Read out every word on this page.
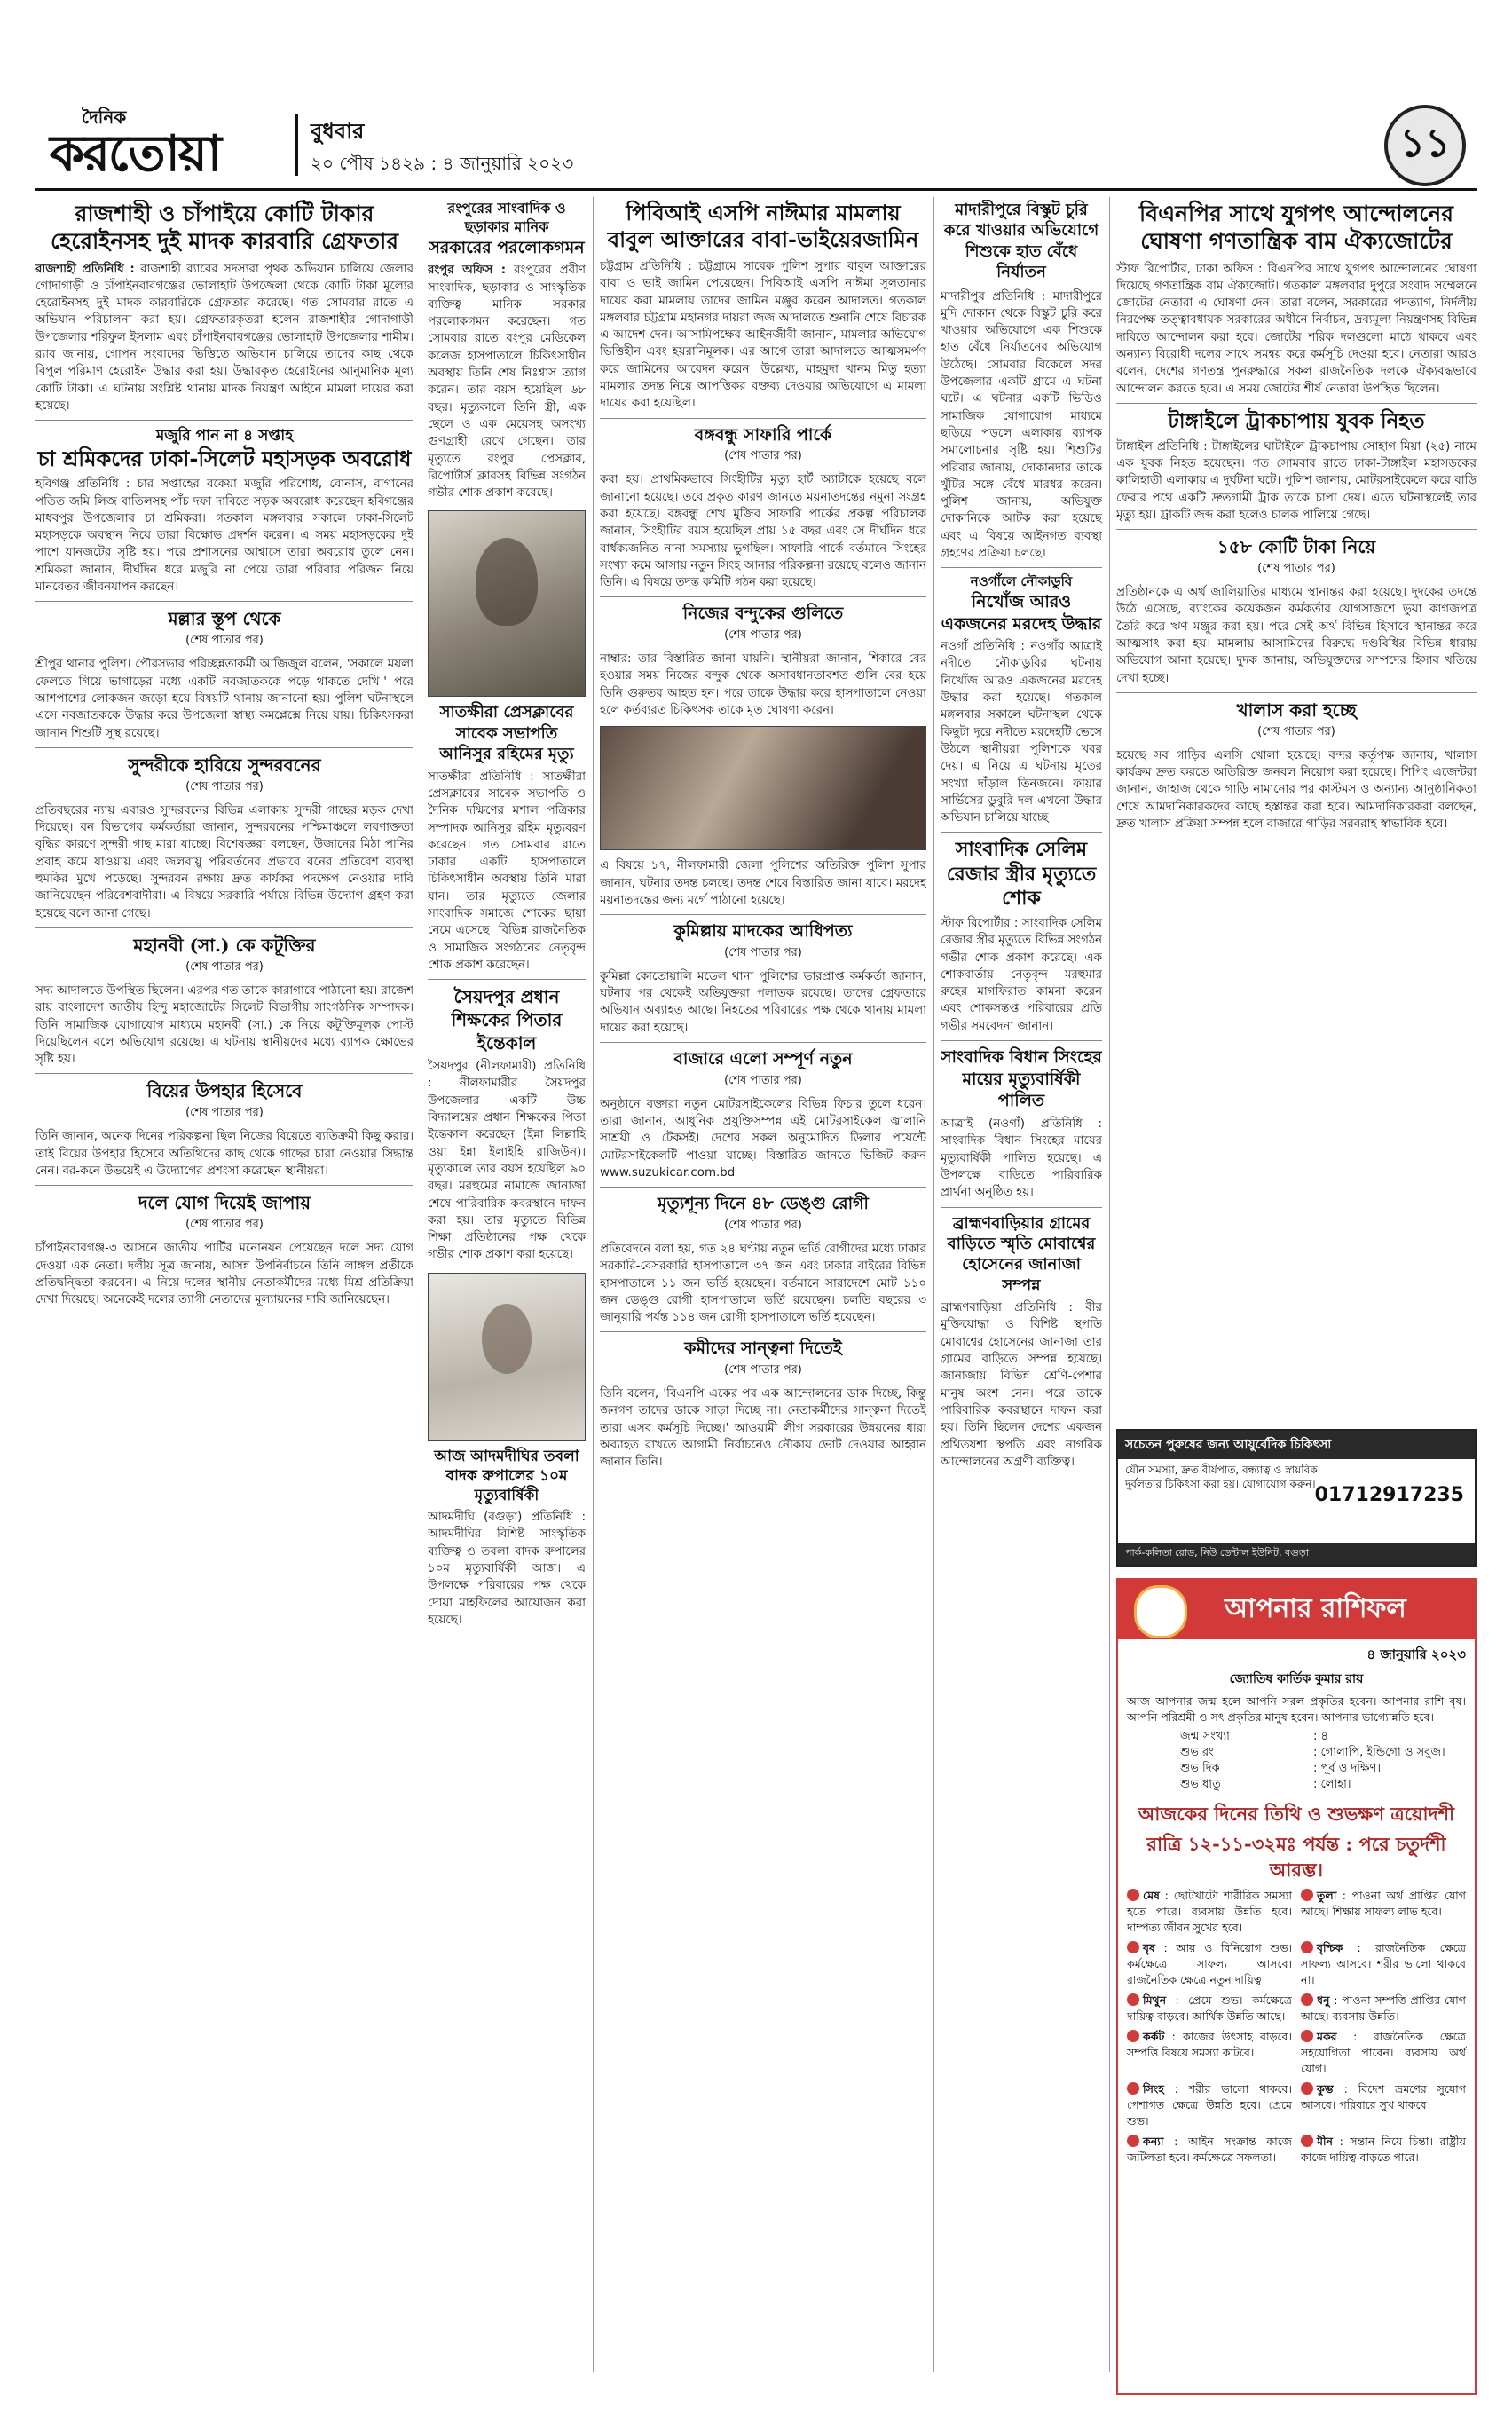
দৈনিক
করতোয়া	বুধবার
২০ পৌষ ১৪২৯ : ৪ জানুয়ারি ২০২৩	১১
রাজশাহী ও চাঁপাইয়ে কোটি টাকার হেরোইনসহ দুই মাদক কারবারি গ্রেফতার
রাজশাহী প্রতিনিধি : রাজশাহী র‌্যাবের সদস্যরা পৃথক অভিযান চালিয়ে জেলার গোদাগাড়ী ও চাঁপাইনবাবগঞ্জের ভোলাহাট উপজেলা থেকে কোটি টাকা মূল্যের হেরোইনসহ দুই মাদক কারবারিকে গ্রেফতার করেছে। গত সোমবার রাতে এ অভিযান পরিচালনা করা হয়। গ্রেফতারকৃতরা হলেন রাজশাহীর গোদাগাড়ী উপজেলার শরিফুল ইসলাম এবং চাঁপাইনবাবগঞ্জের ভোলাহাট উপজেলার শামীম। র‌্যাব জানায়, গোপন সংবাদের ভিত্তিতে অভিযান চালিয়ে তাদের কাছ থেকে বিপুল পরিমাণ হেরোইন উদ্ধার করা হয়। উদ্ধারকৃত হেরোইনের আনুমানিক মূল্য কোটি টাকা। এ ঘটনায় সংশ্লিষ্ট থানায় মাদক নিয়ন্ত্রণ আইনে মামলা দায়ের করা হয়েছে।
মজুরি পান না ৪ সপ্তাহ
চা শ্রমিকদের ঢাকা-সিলেট মহাসড়ক অবরোধ
হবিগঞ্জ প্রতিনিধি : চার সপ্তাহের বকেয়া মজুরি পরিশোধ, বোনাস, বাগানের পতিত জমি লিজ বাতিলসহ পাঁচ দফা দাবিতে সড়ক অবরোধ করেছেন হবিগঞ্জের মাধবপুর উপজেলার চা শ্রমিকরা। গতকাল মঙ্গলবার সকালে ঢাকা-সিলেট মহাসড়কে অবস্থান নিয়ে তারা বিক্ষোভ প্রদর্শন করেন। এ সময় মহাসড়কের দুই পাশে যানজটের সৃষ্টি হয়। পরে প্রশাসনের আশ্বাসে তারা অবরোধ তুলে নেন। শ্রমিকরা জানান, দীর্ঘদিন ধরে মজুরি না পেয়ে তারা পরিবার পরিজন নিয়ে মানবেতর জীবনযাপন করছেন।
মল্লার স্তূপ থেকে
(শেষ পাতার পর)
শ্রীপুর থানার পুলিশ। পৌরসভার পরিচ্ছন্নতাকর্মী আজিজুল বলেন, 'সকালে ময়লা ফেলতে গিয়ে ভাগাড়ের মধ্যে একটি নবজাতককে পড়ে থাকতে দেখি।' পরে আশপাশের লোকজন জড়ো হয়ে বিষয়টি থানায় জানানো হয়। পুলিশ ঘটনাস্থলে এসে নবজাতককে উদ্ধার করে উপজেলা স্বাস্থ্য কমপ্লেক্সে নিয়ে যায়। চিকিৎসকরা জানান শিশুটি সুস্থ রয়েছে।
সুন্দরীকে হারিয়ে সুন্দরবনের
(শেষ পাতার পর)
প্রতিবছরের ন্যায় এবারও সুন্দরবনের বিভিন্ন এলাকায় সুন্দরী গাছের মড়ক দেখা দিয়েছে। বন বিভাগের কর্মকর্তারা জানান, সুন্দরবনের পশ্চিমাঞ্চলে লবণাক্ততা বৃদ্ধির কারণে সুন্দরী গাছ মারা যাচ্ছে। বিশেষজ্ঞরা বলছেন, উজানের মিঠা পানির প্রবাহ কমে যাওয়ায় এবং জলবায়ু পরিবর্তনের প্রভাবে বনের প্রতিবেশ ব্যবস্থা হুমকির মুখে পড়েছে। সুন্দরবন রক্ষায় দ্রুত কার্যকর পদক্ষেপ নেওয়ার দাবি জানিয়েছেন পরিবেশবাদীরা। এ বিষয়ে সরকারি পর্যায়ে বিভিন্ন উদ্যোগ গ্রহণ করা হয়েছে বলে জানা গেছে।
মহানবী (সা.) কে কটূক্তির
(শেষ পাতার পর)
সদ্য আদালতে উপস্থিত ছিলেন। এরপর গত তাকে কারাগারে পাঠানো হয়। রাজেশ রায় বাংলাদেশ জাতীয় হিন্দু মহাজোটের সিলেট বিভাগীয় সাংগঠনিক সম্পাদক। তিনি সামাজিক যোগাযোগ মাধ্যমে মহানবী (সা.) কে নিয়ে কটূক্তিমূলক পোস্ট দিয়েছিলেন বলে অভিযোগ রয়েছে। এ ঘটনায় স্থানীয়দের মধ্যে ব্যাপক ক্ষোভের সৃষ্টি হয়।
বিয়ের উপহার হিসেবে
(শেষ পাতার পর)
তিনি জানান, অনেক দিনের পরিকল্পনা ছিল নিজের বিয়েতে ব্যতিক্রমী কিছু করার। তাই বিয়ের উপহার হিসেবে অতিথিদের কাছ থেকে গাছের চারা নেওয়ার সিদ্ধান্ত নেন। বর-কনে উভয়েই এ উদ্যোগের প্রশংসা করেছেন স্থানীয়রা।
দলে যোগ দিয়েই জাপায়
(শেষ পাতার পর)
চাঁপাইনবাবগঞ্জ-৩ আসনে জাতীয় পার্টির মনোনয়ন পেয়েছেন দলে সদ্য যোগ দেওয়া এক নেতা। দলীয় সূত্র জানায়, আসন্ন উপনির্বাচনে তিনি লাঙ্গল প্রতীকে প্রতিদ্বন্দ্বিতা করবেন। এ নিয়ে দলের স্থানীয় নেতাকর্মীদের মধ্যে মিশ্র প্রতিক্রিয়া দেখা দিয়েছে। অনেকেই দলের ত্যাগী নেতাদের মূল্যায়নের দাবি জানিয়েছেন।
রংপুরের সাংবাদিক ও ছড়াকার মানিক
সরকারের পরলোকগমন
রংপুর অফিস : রংপুরের প্রবীণ সাংবাদিক, ছড়াকার ও সাংস্কৃতিক ব্যক্তিত্ব মানিক সরকার পরলোকগমন করেছেন। গত সোমবার রাতে রংপুর মেডিকেল কলেজ হাসপাতালে চিকিৎসাধীন অবস্থায় তিনি শেষ নিঃশ্বাস ত্যাগ করেন। তার বয়স হয়েছিল ৬৮ বছর। মৃত্যুকালে তিনি স্ত্রী, এক ছেলে ও এক মেয়েসহ অসংখ্য গুণগ্রাহী রেখে গেছেন। তার মৃত্যুতে রংপুর প্রেসক্লাব, রিপোর্টার্স ক্লাবসহ বিভিন্ন সংগঠন গভীর শোক প্রকাশ করেছে।
সাতক্ষীরা প্রেসক্লাবের সাবেক সভাপতি আনিসুর রহিমের মৃত্যু
সাতক্ষীরা প্রতিনিধি : সাতক্ষীরা প্রেসক্লাবের সাবেক সভাপতি ও দৈনিক দক্ষিণের মশাল পত্রিকার সম্পাদক আনিসুর রহিম মৃত্যুবরণ করেছেন। গত সোমবার রাতে ঢাকার একটি হাসপাতালে চিকিৎসাধীন অবস্থায় তিনি মারা যান। তার মৃত্যুতে জেলার সাংবাদিক সমাজে শোকের ছায়া নেমে এসেছে। বিভিন্ন রাজনৈতিক ও সামাজিক সংগঠনের নেতৃবৃন্দ শোক প্রকাশ করেছেন।
সৈয়দপুর প্রধান শিক্ষকের পিতার ইন্তেকাল
সৈয়দপুর (নীলফামারী) প্রতিনিধি : নীলফামারীর সৈয়দপুর উপজেলার একটি উচ্চ বিদ্যালয়ের প্রধান শিক্ষকের পিতা ইন্তেকাল করেছেন (ইন্না লিল্লাহি ওয়া ইন্না ইলাইহি রাজিউন)। মৃত্যুকালে তার বয়স হয়েছিল ৯০ বছর। মরহুমের নামাজে জানাজা শেষে পারিবারিক কবরস্থানে দাফন করা হয়। তার মৃত্যুতে বিভিন্ন শিক্ষা প্রতিষ্ঠানের পক্ষ থেকে গভীর শোক প্রকাশ করা হয়েছে।
আজ আদমদীঘির তবলা বাদক রুপালের ১০ম মৃত্যুবার্ষিকী
আদমদীঘি (বগুড়া) প্রতিনিধি : আদমদীঘির বিশিষ্ট সাংস্কৃতিক ব্যক্তিত্ব ও তবলা বাদক রুপালের ১০ম মৃত্যুবার্ষিকী আজ। এ উপলক্ষে পরিবারের পক্ষ থেকে দোয়া মাহফিলের আয়োজন করা হয়েছে।
পিবিআই এসপি নাঈমার মামলায় বাবুল আক্তারের বাবা-ভাইয়েরজামিন
চট্টগ্রাম প্রতিনিধি : চট্টগ্রামে সাবেক পুলিশ সুপার বাবুল আক্তারের বাবা ও ভাই জামিন পেয়েছেন। পিবিআই এসপি নাঈমা সুলতানার দায়ের করা মামলায় তাদের জামিন মঞ্জুর করেন আদালত। গতকাল মঙ্গলবার চট্টগ্রাম মহানগর দায়রা জজ আদালতে শুনানি শেষে বিচারক এ আদেশ দেন। আসামিপক্ষের আইনজীবী জানান, মামলার অভিযোগ ভিত্তিহীন এবং হয়রানিমূলক। এর আগে তারা আদালতে আত্মসমর্পণ করে জামিনের আবেদন করেন। উল্লেখ্য, মাহমুদা খানম মিতু হত্যা মামলার তদন্ত নিয়ে আপত্তিকর বক্তব্য দেওয়ার অভিযোগে এ মামলা দায়ের করা হয়েছিল।
বঙ্গবন্ধু সাফারি পার্কে
(শেষ পাতার পর)
করা হয়। প্রাথমিকভাবে সিংহীটির মৃত্যু হার্ট অ্যাটাকে হয়েছে বলে জানানো হয়েছে। তবে প্রকৃত কারণ জানতে ময়নাতদন্তের নমুনা সংগ্রহ করা হয়েছে। বঙ্গবন্ধু শেখ মুজিব সাফারি পার্কের প্রকল্প পরিচালক জানান, সিংহীটির বয়স হয়েছিল প্রায় ১৫ বছর এবং সে দীর্ঘদিন ধরে বার্ধক্যজনিত নানা সমস্যায় ভুগছিল। সাফারি পার্কে বর্তমানে সিংহের সংখ্যা কমে আসায় নতুন সিংহ আনার পরিকল্পনা রয়েছে বলেও জানান তিনি। এ বিষয়ে তদন্ত কমিটি গঠন করা হয়েছে।
নিজের বন্দুকের গুলিতে
(শেষ পাতার পর)
নাম্বার: তার বিস্তারিত জানা যায়নি। স্থানীয়রা জানান, শিকারে বের হওয়ার সময় নিজের বন্দুক থেকে অসাবধানতাবশত গুলি বের হয়ে তিনি গুরুতর আহত হন। পরে তাকে উদ্ধার করে হাসপাতালে নেওয়া হলে কর্তব্যরত চিকিৎসক তাকে মৃত ঘোষণা করেন।
এ বিষয়ে ১৭, নীলফামারী জেলা পুলিশের অতিরিক্ত পুলিশ সুপার জানান, ঘটনার তদন্ত চলছে। তদন্ত শেষে বিস্তারিত জানা যাবে। মরদেহ ময়নাতদন্তের জন্য মর্গে পাঠানো হয়েছে।
কুমিল্লায় মাদকের আধিপত্য
(শেষ পাতার পর)
কুমিল্লা কোতোয়ালি মডেল থানা পুলিশের ভারপ্রাপ্ত কর্মকর্তা জানান, ঘটনার পর থেকেই অভিযুক্তরা পলাতক রয়েছে। তাদের গ্রেফতারে অভিযান অব্যাহত আছে। নিহতের পরিবারের পক্ষ থেকে থানায় মামলা দায়ের করা হয়েছে।
বাজারে এলো সম্পূর্ণ নতুন
(শেষ পাতার পর)
অনুষ্ঠানে বক্তারা নতুন মোটরসাইকেলের বিভিন্ন ফিচার তুলে ধরেন। তারা জানান, আধুনিক প্রযুক্তিসম্পন্ন এই মোটরসাইকেল জ্বালানি সাশ্রয়ী ও টেকসই। দেশের সকল অনুমোদিত ডিলার পয়েন্টে মোটরসাইকেলটি পাওয়া যাচ্ছে। বিস্তারিত জানতে ভিজিট করুন www.suzukicar.com.bd
মৃত্যুশূন্য দিনে ৪৮ ডেঙ্গু রোগী
(শেষ পাতার পর)
প্রতিবেদনে বলা হয়, গত ২৪ ঘণ্টায় নতুন ভর্তি রোগীদের মধ্যে ঢাকার সরকারি-বেসরকারি হাসপাতালে ৩৭ জন এবং ঢাকার বাইরের বিভিন্ন হাসপাতালে ১১ জন ভর্তি হয়েছেন। বর্তমানে সারাদেশে মোট ১১০ জন ডেঙ্গু রোগী হাসপাতালে ভর্তি রয়েছেন। চলতি বছরের ৩ জানুয়ারি পর্যন্ত ১১৪ জন রোগী হাসপাতালে ভর্তি হয়েছেন।
কমীদের সান্ত্বনা দিতেই
(শেষ পাতার পর)
তিনি বলেন, 'বিএনপি একের পর এক আন্দোলনের ডাক দিচ্ছে, কিন্তু জনগণ তাদের ডাকে সাড়া দিচ্ছে না। নেতাকর্মীদের সান্ত্বনা দিতেই তারা এসব কর্মসূচি দিচ্ছে।' আওয়ামী লীগ সরকারের উন্নয়নের ধারা অব্যাহত রাখতে আগামী নির্বাচনেও নৌকায় ভোট দেওয়ার আহ্বান জানান তিনি।
মাদারীপুরে বিস্কুট চুরি করে খাওয়ার অভিযোগে শিশুকে হাত বেঁধে নির্যাতন
মাদারীপুর প্রতিনিধি : মাদারীপুরে মুদি দোকান থেকে বিস্কুট চুরি করে খাওয়ার অভিযোগে এক শিশুকে হাত বেঁধে নির্যাতনের অভিযোগ উঠেছে। সোমবার বিকেলে সদর উপজেলার একটি গ্রামে এ ঘটনা ঘটে। এ ঘটনার একটি ভিডিও সামাজিক যোগাযোগ মাধ্যমে ছড়িয়ে পড়লে এলাকায় ব্যাপক সমালোচনার সৃষ্টি হয়। শিশুটির পরিবার জানায়, দোকানদার তাকে খুঁটির সঙ্গে বেঁধে মারধর করেন। পুলিশ জানায়, অভিযুক্ত দোকানিকে আটক করা হয়েছে এবং এ বিষয়ে আইনগত ব্যবস্থা গ্রহণের প্রক্রিয়া চলছে।
নওগাঁলে নৌকাডুবি
নিখোঁজ আরও একজনের মরদেহ উদ্ধার
নওগাঁ প্রতিনিধি : নওগাঁর আত্রাই নদীতে নৌকাডুবির ঘটনায় নিখোঁজ আরও একজনের মরদেহ উদ্ধার করা হয়েছে। গতকাল মঙ্গলবার সকালে ঘটনাস্থল থেকে কিছুটা দূরে নদীতে মরদেহটি ভেসে উঠলে স্থানীয়রা পুলিশকে খবর দেয়। এ নিয়ে এ ঘটনায় মৃতের সংখ্যা দাঁড়াল তিনজনে। ফায়ার সার্ভিসের ডুবুরি দল এখনো উদ্ধার অভিযান চালিয়ে যাচ্ছে।
সাংবাদিক সেলিম রেজার স্ত্রীর মৃত্যুতে শোক
স্টাফ রিপোর্টার : সাংবাদিক সেলিম রেজার স্ত্রীর মৃত্যুতে বিভিন্ন সংগঠন গভীর শোক প্রকাশ করেছে। এক শোকবার্তায় নেতৃবৃন্দ মরহুমার রুহের মাগফিরাত কামনা করেন এবং শোকসন্তপ্ত পরিবারের প্রতি গভীর সমবেদনা জানান।
সাংবাদিক বিধান সিংহের মায়ের মৃত্যুবার্ষিকী পালিত
আত্রাই (নওগাঁ) প্রতিনিধি : সাংবাদিক বিধান সিংহের মায়ের মৃত্যুবার্ষিকী পালিত হয়েছে। এ উপলক্ষে বাড়িতে পারিবারিক প্রার্থনা অনুষ্ঠিত হয়।
ব্রাহ্মণবাড়িয়ার গ্রামের বাড়িতে স্মৃতি মোবাশ্বের হোসেনের জানাজা সম্পন্ন
ব্রাহ্মণবাড়িয়া প্রতিনিধি : বীর মুক্তিযোদ্ধা ও বিশিষ্ট স্থপতি মোবাশ্বের হোসেনের জানাজা তার গ্রামের বাড়িতে সম্পন্ন হয়েছে। জানাজায় বিভিন্ন শ্রেণি-পেশার মানুষ অংশ নেন। পরে তাকে পারিবারিক কবরস্থানে দাফন করা হয়। তিনি ছিলেন দেশের একজন প্রথিতযশা স্থপতি এবং নাগরিক আন্দোলনের অগ্রণী ব্যক্তিত্ব।
বিএনপির সাথে যুগপৎ আন্দোলনের ঘোষণা গণতান্ত্রিক বাম ঐক্যজোটের
স্টাফ রিপোর্টার, ঢাকা অফিস : বিএনপির সাথে যুগপৎ আন্দোলনের ঘোষণা দিয়েছে গণতান্ত্রিক বাম ঐক্যজোট। গতকাল মঙ্গলবার দুপুরে সংবাদ সম্মেলনে জোটের নেতারা এ ঘোষণা দেন। তারা বলেন, সরকারের পদত্যাগ, নির্দলীয় নিরপেক্ষ তত্ত্বাবধায়ক সরকারের অধীনে নির্বাচন, দ্রব্যমূল্য নিয়ন্ত্রণসহ বিভিন্ন দাবিতে আন্দোলন করা হবে। জোটের শরিক দলগুলো মাঠে থাকবে এবং অন্যান্য বিরোধী দলের সাথে সমন্বয় করে কর্মসূচি দেওয়া হবে। নেতারা আরও বলেন, দেশের গণতন্ত্র পুনরুদ্ধারে সকল রাজনৈতিক দলকে ঐক্যবদ্ধভাবে আন্দোলন করতে হবে। এ সময় জোটের শীর্ষ নেতারা উপস্থিত ছিলেন।
টাঙ্গাইলে ট্রাকচাপায় যুবক নিহত
টাঙ্গাইল প্রতিনিধি : টাঙ্গাইলের ঘাটাইলে ট্রাকচাপায় সোহাগ মিয়া (২৫) নামে এক যুবক নিহত হয়েছেন। গত সোমবার রাতে ঢাকা-টাঙ্গাইল মহাসড়কের কালিহাতী এলাকায় এ দুর্ঘটনা ঘটে। পুলিশ জানায়, মোটরসাইকেলে করে বাড়ি ফেরার পথে একটি দ্রুতগামী ট্রাক তাকে চাপা দেয়। এতে ঘটনাস্থলেই তার মৃত্যু হয়। ট্রাকটি জব্দ করা হলেও চালক পালিয়ে গেছে।
১৫৮ কোটি টাকা নিয়ে
(শেষ পাতার পর)
প্রতিষ্ঠানকে এ অর্থ জালিয়াতির মাধ্যমে স্থানান্তর করা হয়েছে। দুদকের তদন্তে উঠে এসেছে, ব্যাংকের কয়েকজন কর্মকর্তার যোগসাজশে ভুয়া কাগজপত্র তৈরি করে ঋণ মঞ্জুর করা হয়। পরে সেই অর্থ বিভিন্ন হিসাবে স্থানান্তর করে আত্মসাৎ করা হয়। মামলায় আসামিদের বিরুদ্ধে দণ্ডবিধির বিভিন্ন ধারায় অভিযোগ আনা হয়েছে। দুদক জানায়, অভিযুক্তদের সম্পদের হিসাব খতিয়ে দেখা হচ্ছে।
খালাস করা হচ্ছে
(শেষ পাতার পর)
হয়েছে সব গাড়ির এলসি খোলা হয়েছে। বন্দর কর্তৃপক্ষ জানায়, খালাস কার্যক্রম দ্রুত করতে অতিরিক্ত জনবল নিয়োগ করা হয়েছে। শিপিং এজেন্টরা জানান, জাহাজ থেকে গাড়ি নামানোর পর কাস্টমস ও অন্যান্য আনুষ্ঠানিকতা শেষে আমদানিকারকদের কাছে হস্তান্তর করা হবে। আমদানিকারকরা বলছেন, দ্রুত খালাস প্রক্রিয়া সম্পন্ন হলে বাজারে গাড়ির সরবরাহ স্বাভাবিক হবে।
সচেতন পুরুষের জন্য আয়ুর্বেদিক চিকিৎসা
যৌন সমস্যা, দ্রুত বীর্যপাত, বন্ধ্যাত্ব ও স্নায়বিক দুর্বলতার চিকিৎসা করা হয়। যোগাযোগ করুন। 01712917235
পার্ক-কলিতা রোড, নিউ ডেন্টাল ইউনিট, বগুড়া।
আপনার রাশিফল
৪ জানুয়ারি ২০২৩
জ্যোতিষ কার্তিক কুমার রায়
আজ আপনার জন্ম হলে আপনি সরল প্রকৃতির হবেন। আপনার রাশি বৃষ। আপনি পরিশ্রমী ও সৎ প্রকৃতির মানুষ হবেন। আপনার ভাগ্যোন্নতি হবে।
জন্ম সংখ্যা	: ৪
শুভ রং	: গোলাপি, ইন্ডিগো ও সবুজ।
শুভ দিক	: পূর্ব ও দক্ষিণ।
শুভ ধাতু	: লোহা।
আজকের দিনের তিথি ও শুভক্ষণ ত্রয়োদশী
রাত্রি ১২-১১-৩২মঃ পর্যন্ত : পরে চতুর্দশী আরম্ভ।
মেষ : ছোটখাটো শারীরিক সমস্যা হতে পারে। ব্যবসায় উন্নতি হবে। দাম্পত্য জীবন সুখের হবে।
তুলা : পাওনা অর্থ প্রাপ্তির যোগ আছে। শিক্ষায় সাফল্য লাভ হবে।
বৃষ : আয় ও বিনিয়োগ শুভ। কর্মক্ষেত্রে সাফল্য আসবে। রাজনৈতিক ক্ষেত্রে নতুন দায়িত্ব।
বৃশ্চিক : রাজনৈতিক ক্ষেত্রে সাফল্য আসবে। শরীর ভালো থাকবে না।
মিথুন : প্রেমে শুভ। কর্মক্ষেত্রে দায়িত্ব বাড়বে। আর্থিক উন্নতি আছে।
ধনু : পাওনা সম্পত্তি প্রাপ্তির যোগ আছে। ব্যবসায় উন্নতি।
কর্কট : কাজের উৎসাহ বাড়বে। সম্পত্তি বিষয়ে সমস্যা কাটবে।
মকর : রাজনৈতিক ক্ষেত্রে সহযোগিতা পাবেন। ব্যবসায় অর্থ যোগ।
সিংহ : শরীর ভালো থাকবে। পেশাগত ক্ষেত্রে উন্নতি হবে। প্রেমে শুভ।
কুম্ভ : বিদেশ ভ্রমণের সুযোগ আসবে। পরিবারে সুখ থাকবে।
কন্যা : আইন সংক্রান্ত কাজে জটিলতা হবে। কর্মক্ষেত্রে সফলতা।
মীন : সন্তান নিয়ে চিন্তা। রাষ্ট্রীয় কাজে দায়িত্ব বাড়তে পারে।
